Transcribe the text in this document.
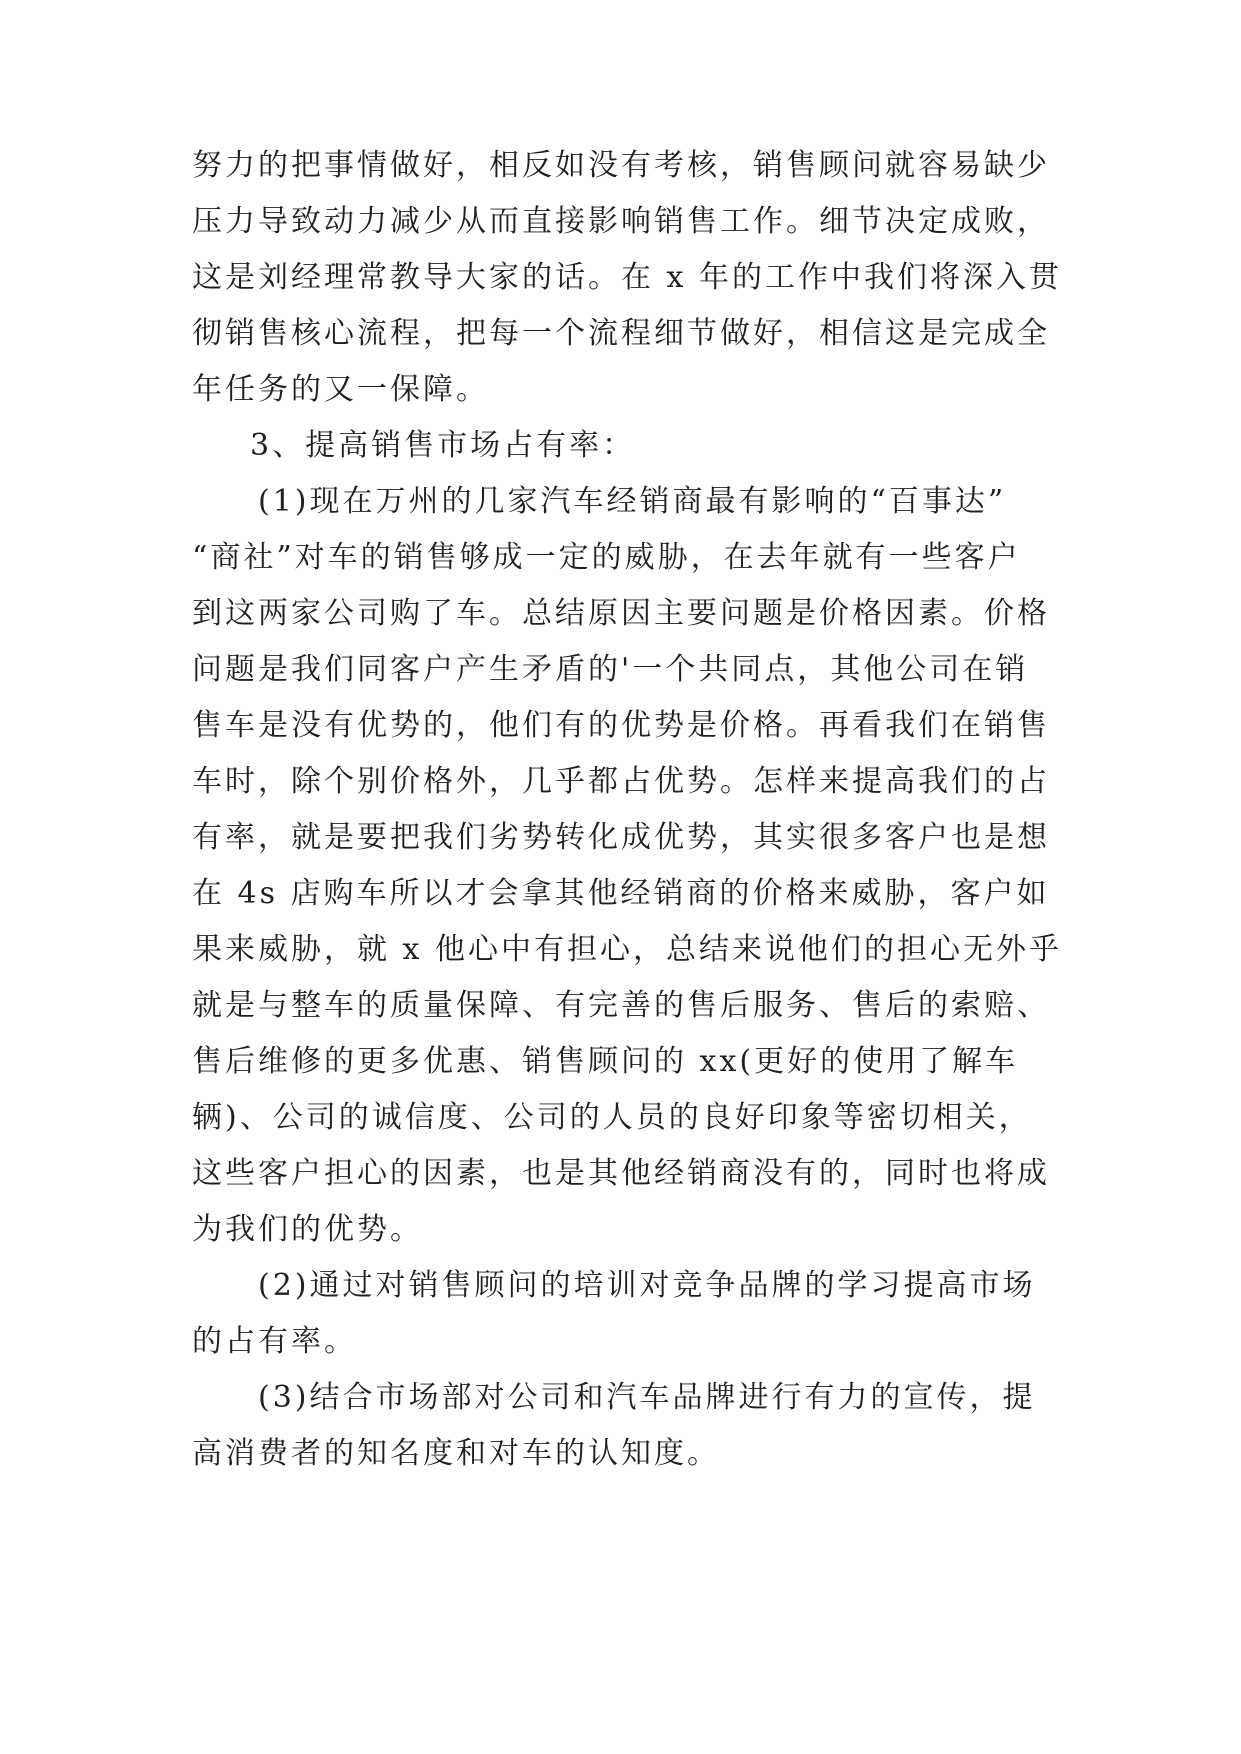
努力的把事情做好，相反如没有考核，销售顾问就容易缺少
压力导致动力减少从而直接影响销售工作。细节决定成败，
这是刘经理常教导大家的话。在 x 年的工作中我们将深入贯
彻销售核心流程，把每一个流程细节做好，相信这是完成全
年任务的又一保障。
3、提高销售市场占有率：
(1)现在万州的几家汽车经销商最有影响的“百事达”
“商社”对车的销售够成一定的威胁，在去年就有一些客户
到这两家公司购了车。总结原因主要问题是价格因素。价格
问题是我们同客户产生矛盾的'一个共同点，其他公司在销
售车是没有优势的，他们有的优势是价格。再看我们在销售
车时，除个别价格外，几乎都占优势。怎样来提高我们的占
有率，就是要把我们劣势转化成优势，其实很多客户也是想
在 4s 店购车所以才会拿其他经销商的价格来威胁，客户如
果来威胁，就 x 他心中有担心，总结来说他们的担心无外乎
就是与整车的质量保障、有完善的售后服务、售后的索赔、
售后维修的更多优惠、销售顾问的 xx(更好的使用了解车
辆)、公司的诚信度、公司的人员的良好印象等密切相关，
这些客户担心的因素，也是其他经销商没有的，同时也将成
为我们的优势。
(2)通过对销售顾问的培训对竞争品牌的学习提高市场
的占有率。
(3)结合市场部对公司和汽车品牌进行有力的宣传，提
高消费者的知名度和对车的认知度。
